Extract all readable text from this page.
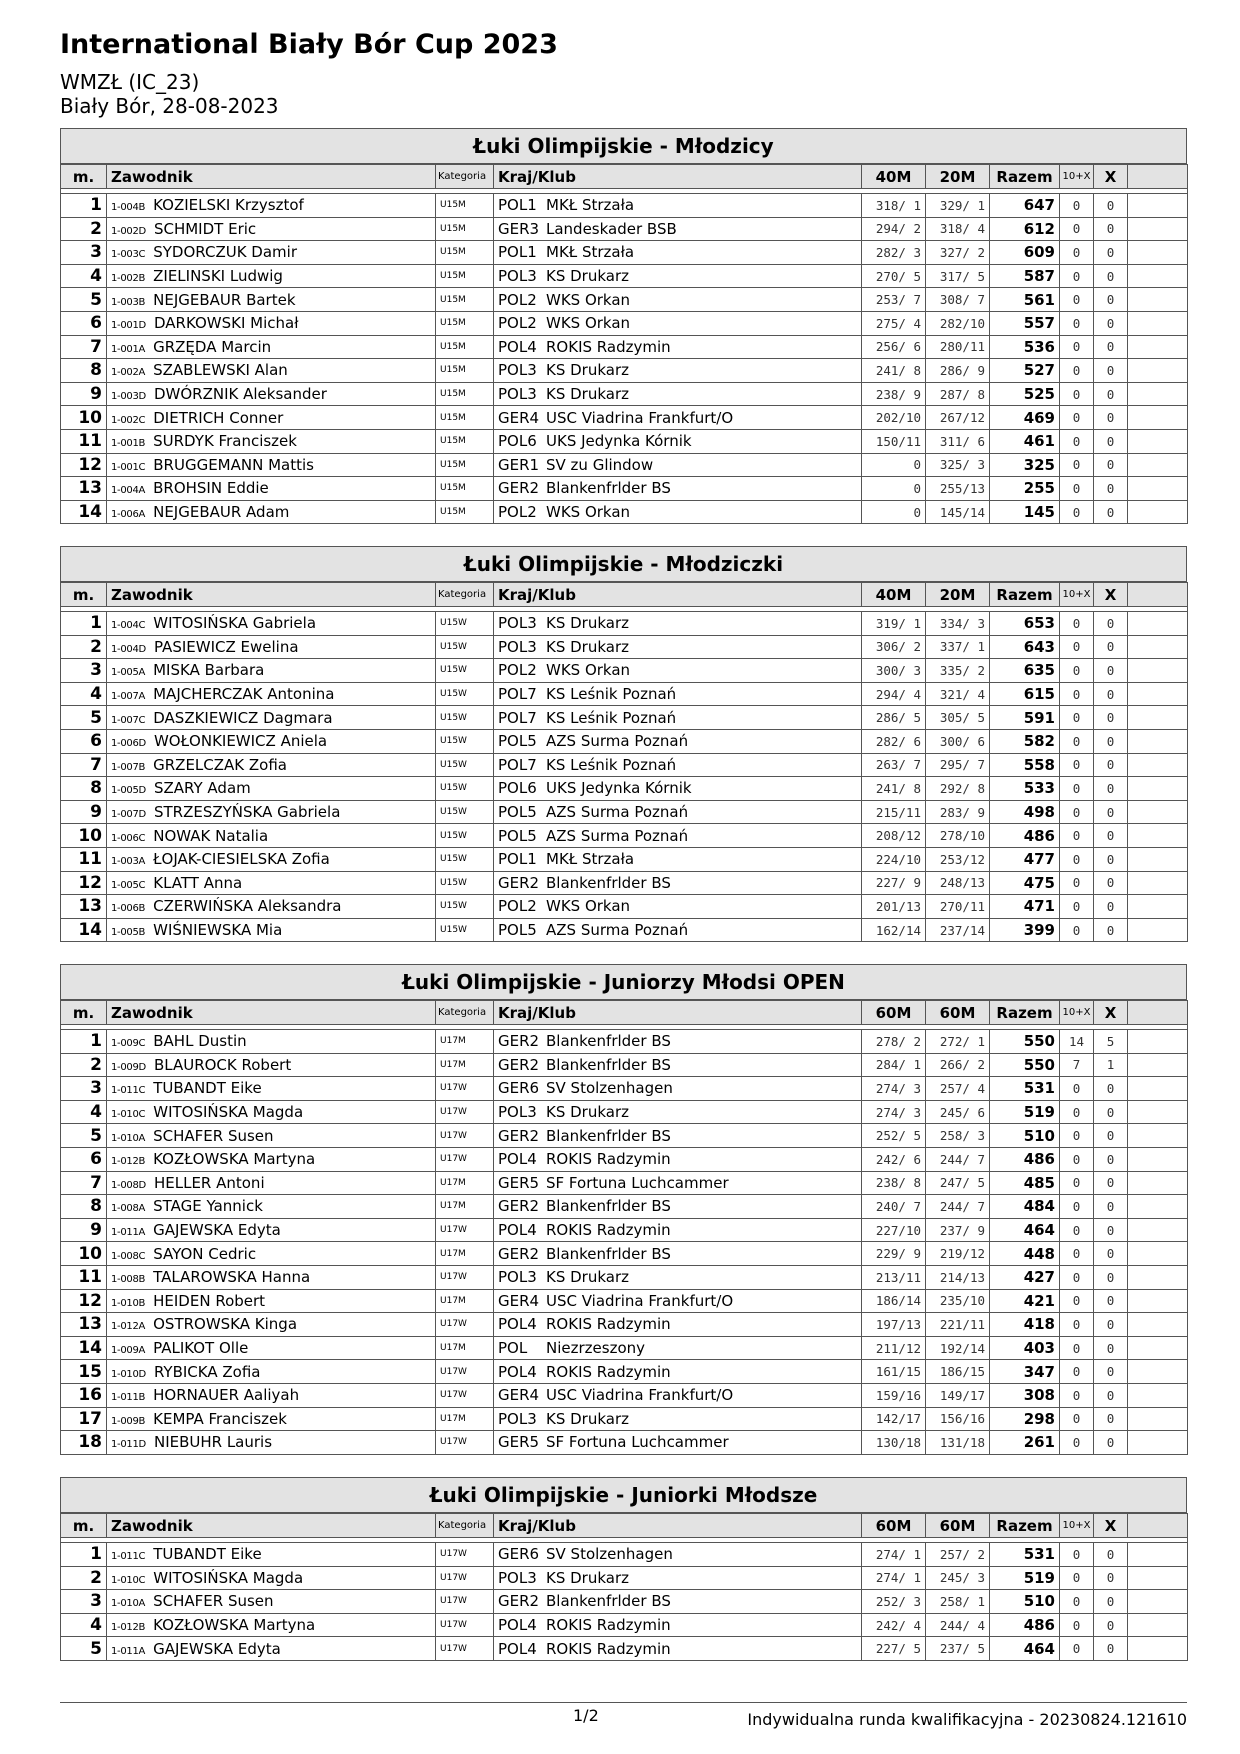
International Biały Bór Cup 2023
WMZŁ (IC_23)
Biały Bór, 28-08-2023
Łuki Olimpijskie - Młodzicy
m.	Zawodnik	Kategoria	Kraj/Klub	40M	20M	Razem	10+X	X	

1	1-004B KOZIELSKI Krzysztof	U15M	POL1 MKŁ Strzała	318/ 1	329/ 1	647	0	0	
2	1-002D SCHMIDT Eric	U15M	GER3 Landeskader BSB	294/ 2	318/ 4	612	0	0	
3	1-003C SYDORCZUK Damir	U15M	POL1 MKŁ Strzała	282/ 3	327/ 2	609	0	0	
4	1-002B ZIELINSKI Ludwig	U15M	POL3 KS Drukarz	270/ 5	317/ 5	587	0	0	
5	1-003B NEJGEBAUR Bartek	U15M	POL2 WKS Orkan	253/ 7	308/ 7	561	0	0	
6	1-001D DARKOWSKI Michał	U15M	POL2 WKS Orkan	275/ 4	282/10	557	0	0	
7	1-001A GRZĘDA Marcin	U15M	POL4 ROKIS Radzymin	256/ 6	280/11	536	0	0	
8	1-002A SZABLEWSKI Alan	U15M	POL3 KS Drukarz	241/ 8	286/ 9	527	0	0	
9	1-003D DWÓRZNIK Aleksander	U15M	POL3 KS Drukarz	238/ 9	287/ 8	525	0	0	
10	1-002C DIETRICH Conner	U15M	GER4 USC Viadrina Frankfurt/O	202/10	267/12	469	0	0	
11	1-001B SURDYK Franciszek	U15M	POL6 UKS Jedynka Kórnik	150/11	311/ 6	461	0	0	
12	1-001C BRUGGEMANN Mattis	U15M	GER1 SV zu Glindow	0	325/ 3	325	0	0	
13	1-004A BROHSIN Eddie	U15M	GER2 Blankenfrlder BS	0	255/13	255	0	0	
14	1-006A NEJGEBAUR Adam	U15M	POL2 WKS Orkan	0	145/14	145	0	0	
Łuki Olimpijskie - Młodziczki
m.	Zawodnik	Kategoria	Kraj/Klub	40M	20M	Razem	10+X	X	

1	1-004C WITOSIŃSKA Gabriela	U15W	POL3 KS Drukarz	319/ 1	334/ 3	653	0	0	
2	1-004D PASIEWICZ Ewelina	U15W	POL3 KS Drukarz	306/ 2	337/ 1	643	0	0	
3	1-005A MISKA Barbara	U15W	POL2 WKS Orkan	300/ 3	335/ 2	635	0	0	
4	1-007A MAJCHERCZAK Antonina	U15W	POL7 KS Leśnik Poznań	294/ 4	321/ 4	615	0	0	
5	1-007C DASZKIEWICZ Dagmara	U15W	POL7 KS Leśnik Poznań	286/ 5	305/ 5	591	0	0	
6	1-006D WOŁONKIEWICZ Aniela	U15W	POL5 AZS Surma Poznań	282/ 6	300/ 6	582	0	0	
7	1-007B GRZELCZAK Zofia	U15W	POL7 KS Leśnik Poznań	263/ 7	295/ 7	558	0	0	
8	1-005D SZARY Adam	U15W	POL6 UKS Jedynka Kórnik	241/ 8	292/ 8	533	0	0	
9	1-007D STRZESZYŃSKA Gabriela	U15W	POL5 AZS Surma Poznań	215/11	283/ 9	498	0	0	
10	1-006C NOWAK Natalia	U15W	POL5 AZS Surma Poznań	208/12	278/10	486	0	0	
11	1-003A ŁOJAK-CIESIELSKA Zofia	U15W	POL1 MKŁ Strzała	224/10	253/12	477	0	0	
12	1-005C KLATT Anna	U15W	GER2 Blankenfrlder BS	227/ 9	248/13	475	0	0	
13	1-006B CZERWIŃSKA Aleksandra	U15W	POL2 WKS Orkan	201/13	270/11	471	0	0	
14	1-005B WIŚNIEWSKA Mia	U15W	POL5 AZS Surma Poznań	162/14	237/14	399	0	0	
Łuki Olimpijskie - Juniorzy Młodsi OPEN
m.	Zawodnik	Kategoria	Kraj/Klub	60M	60M	Razem	10+X	X	

1	1-009C BAHL Dustin	U17M	GER2 Blankenfrlder BS	278/ 2	272/ 1	550	14	5	
2	1-009D BLAUROCK Robert	U17M	GER2 Blankenfrlder BS	284/ 1	266/ 2	550	7	1	
3	1-011C TUBANDT Eike	U17W	GER6 SV Stolzenhagen	274/ 3	257/ 4	531	0	0	
4	1-010C WITOSIŃSKA Magda	U17W	POL3 KS Drukarz	274/ 3	245/ 6	519	0	0	
5	1-010A SCHAFER Susen	U17W	GER2 Blankenfrlder BS	252/ 5	258/ 3	510	0	0	
6	1-012B KOZŁOWSKA Martyna	U17W	POL4 ROKIS Radzymin	242/ 6	244/ 7	486	0	0	
7	1-008D HELLER Antoni	U17M	GER5 SF Fortuna Luchcammer	238/ 8	247/ 5	485	0	0	
8	1-008A STAGE Yannick	U17M	GER2 Blankenfrlder BS	240/ 7	244/ 7	484	0	0	
9	1-011A GAJEWSKA Edyta	U17W	POL4 ROKIS Radzymin	227/10	237/ 9	464	0	0	
10	1-008C SAYON Cedric	U17M	GER2 Blankenfrlder BS	229/ 9	219/12	448	0	0	
11	1-008B TALAROWSKA Hanna	U17W	POL3 KS Drukarz	213/11	214/13	427	0	0	
12	1-010B HEIDEN Robert	U17M	GER4 USC Viadrina Frankfurt/O	186/14	235/10	421	0	0	
13	1-012A OSTROWSKA Kinga	U17W	POL4 ROKIS Radzymin	197/13	221/11	418	0	0	
14	1-009A PALIKOT Olle	U17M	POL Niezrzeszony	211/12	192/14	403	0	0	
15	1-010D RYBICKA Zofia	U17W	POL4 ROKIS Radzymin	161/15	186/15	347	0	0	
16	1-011B HORNAUER Aaliyah	U17W	GER4 USC Viadrina Frankfurt/O	159/16	149/17	308	0	0	
17	1-009B KEMPA Franciszek	U17M	POL3 KS Drukarz	142/17	156/16	298	0	0	
18	1-011D NIEBUHR Lauris	U17W	GER5 SF Fortuna Luchcammer	130/18	131/18	261	0	0	
Łuki Olimpijskie - Juniorki Młodsze
m.	Zawodnik	Kategoria	Kraj/Klub	60M	60M	Razem	10+X	X	

1	1-011C TUBANDT Eike	U17W	GER6 SV Stolzenhagen	274/ 1	257/ 2	531	0	0	
2	1-010C WITOSIŃSKA Magda	U17W	POL3 KS Drukarz	274/ 1	245/ 3	519	0	0	
3	1-010A SCHAFER Susen	U17W	GER2 Blankenfrlder BS	252/ 3	258/ 1	510	0	0	
4	1-012B KOZŁOWSKA Martyna	U17W	POL4 ROKIS Radzymin	242/ 4	244/ 4	486	0	0	
5	1-011A GAJEWSKA Edyta	U17W	POL4 ROKIS Radzymin	227/ 5	237/ 5	464	0	0	
1/2	Indywidualna runda kwalifikacyjna - 20230824.121610
